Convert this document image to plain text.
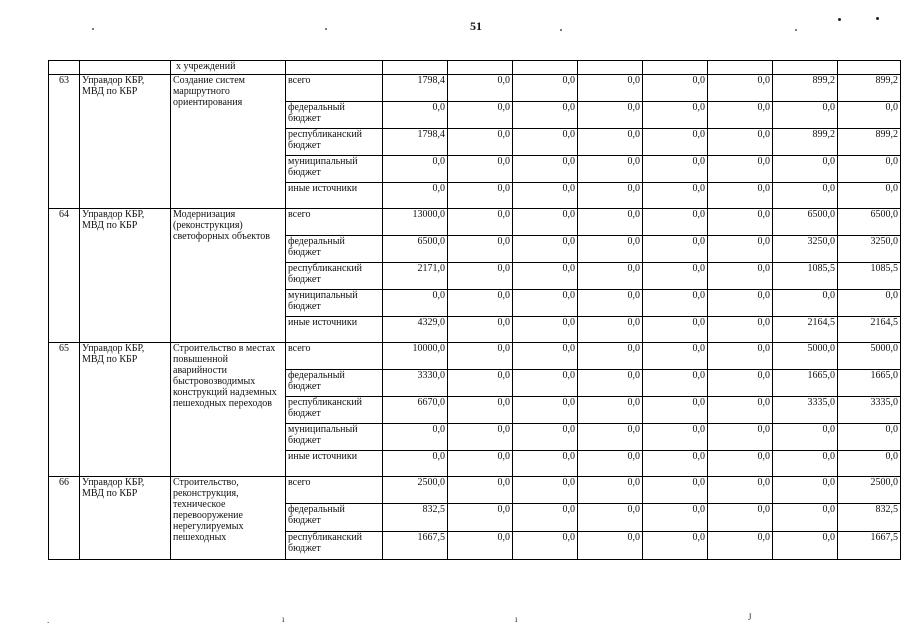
51
		х учреждений									
63	Управдор КБР, МВД по КБР	Создание систем маршрутного ориентирования	всего	1798,4	0,0	0,0	0,0	0,0	0,0	899,2	899,2
			федеральный бюджет	0,0	0,0	0,0	0,0	0,0	0,0	0,0	0,0
			республиканский бюджет	1798,4	0,0	0,0	0,0	0,0	0,0	899,2	899,2
			муниципальный бюджет	0,0	0,0	0,0	0,0	0,0	0,0	0,0	0,0
			иные источники	0,0	0,0	0,0	0,0	0,0	0,0	0,0	0,0
64	Управдор КБР, МВД по КБР	Модернизация (реконструкция) светофорных объектов	всего	13000,0	0,0	0,0	0,0	0,0	0,0	6500,0	6500,0
			федеральный бюджет	6500,0	0,0	0,0	0,0	0,0	0,0	3250,0	3250,0
			республиканский бюджет	2171,0	0,0	0,0	0,0	0,0	0,0	1085,5	1085,5
			муниципальный бюджет	0,0	0,0	0,0	0,0	0,0	0,0	0,0	0,0
			иные источники	4329,0	0,0	0,0	0,0	0,0	0,0	2164,5	2164,5
65	Управдор КБР, МВД по КБР	Строительство в местах повышенной аварийности быстровозводимых конструкций надземных пешеходных переходов	всего	10000,0	0,0	0,0	0,0	0,0	0,0	5000,0	5000,0
			федеральный бюджет	3330,0	0,0	0,0	0,0	0,0	0,0	1665,0	1665,0
			республиканский бюджет	6670,0	0,0	0,0	0,0	0,0	0,0	3335,0	3335,0
			муниципальный бюджет	0,0	0,0	0,0	0,0	0,0	0,0	0,0	0,0
			иные источники	0,0	0,0	0,0	0,0	0,0	0,0	0,0	0,0
66	Управдор КБР, МВД по КБР	Строительство, реконструкция, техническое перевооружение нерегулируемых пешеходных	всего	2500,0	0,0	0,0	0,0	0,0	0,0	0,0	2500,0
			федеральный бюджет	832,5	0,0	0,0	0,0	0,0	0,0	0,0	832,5
			республиканский бюджет	1667,5	0,0	0,0	0,0	0,0	0,0	0,0	1667,5
.	ı	ı	J
